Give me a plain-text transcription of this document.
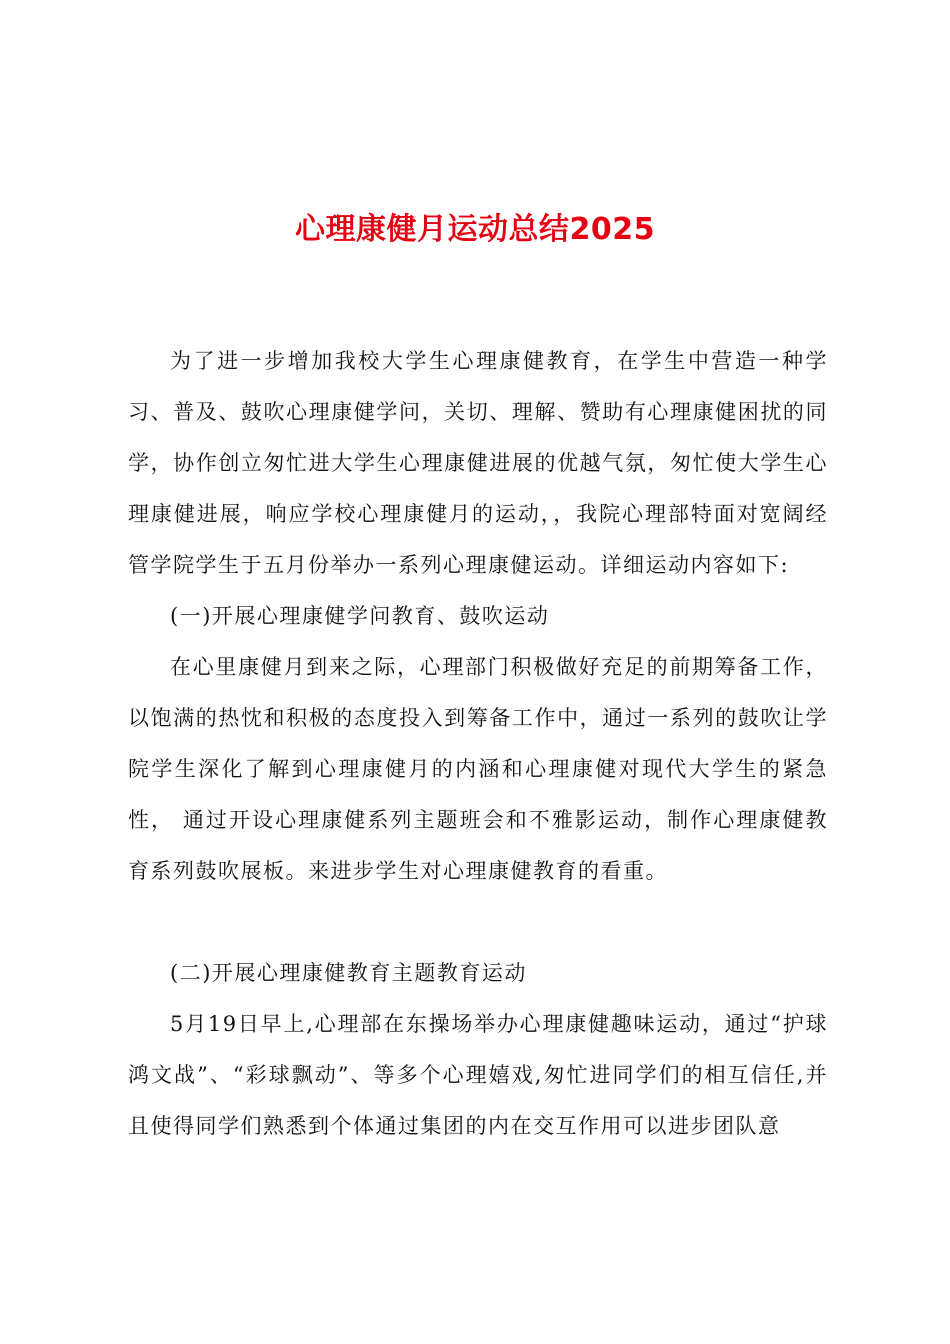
心理康健月运动总结2025

为了进一步增加我校大学生心理康健教育，在学生中营造一种学习、普及、鼓吹心理康健学问，关切、理解、赞助有心理康健困扰的同学，协作创立匆忙进大学生心理康健进展的优越气氛，匆忙使大学生心理康健进展，响应学校心理康健月的运动，，我院心理部特面对宽阔经管学院学生于五月份举办一系列心理康健运动。详细运动内容如下:

(一)开展心理康健学问教育、鼓吹运动

在心里康健月到来之际，心理部门积极做好充足的前期筹备工作，以饱满的热忱和积极的态度投入到筹备工作中，通过一系列的鼓吹让学院学生深化了解到心理康健月的内涵和心理康健对现代大学生的紧急性， 通过开设心理康健系列主题班会和不雅影运动，制作心理康健教育系列鼓吹展板。来进步学生对心理康健教育的看重。

(二)开展心理康健教育主题教育运动

5月19日早上,心理部在东操场举办心理康健趣味运动，通过“护球鸿文战”、“彩球飘动”、等多个心理嬉戏,匆忙进同学们的相互信任,并且使得同学们熟悉到个体通过集团的内在交互作用可以进步团队意
